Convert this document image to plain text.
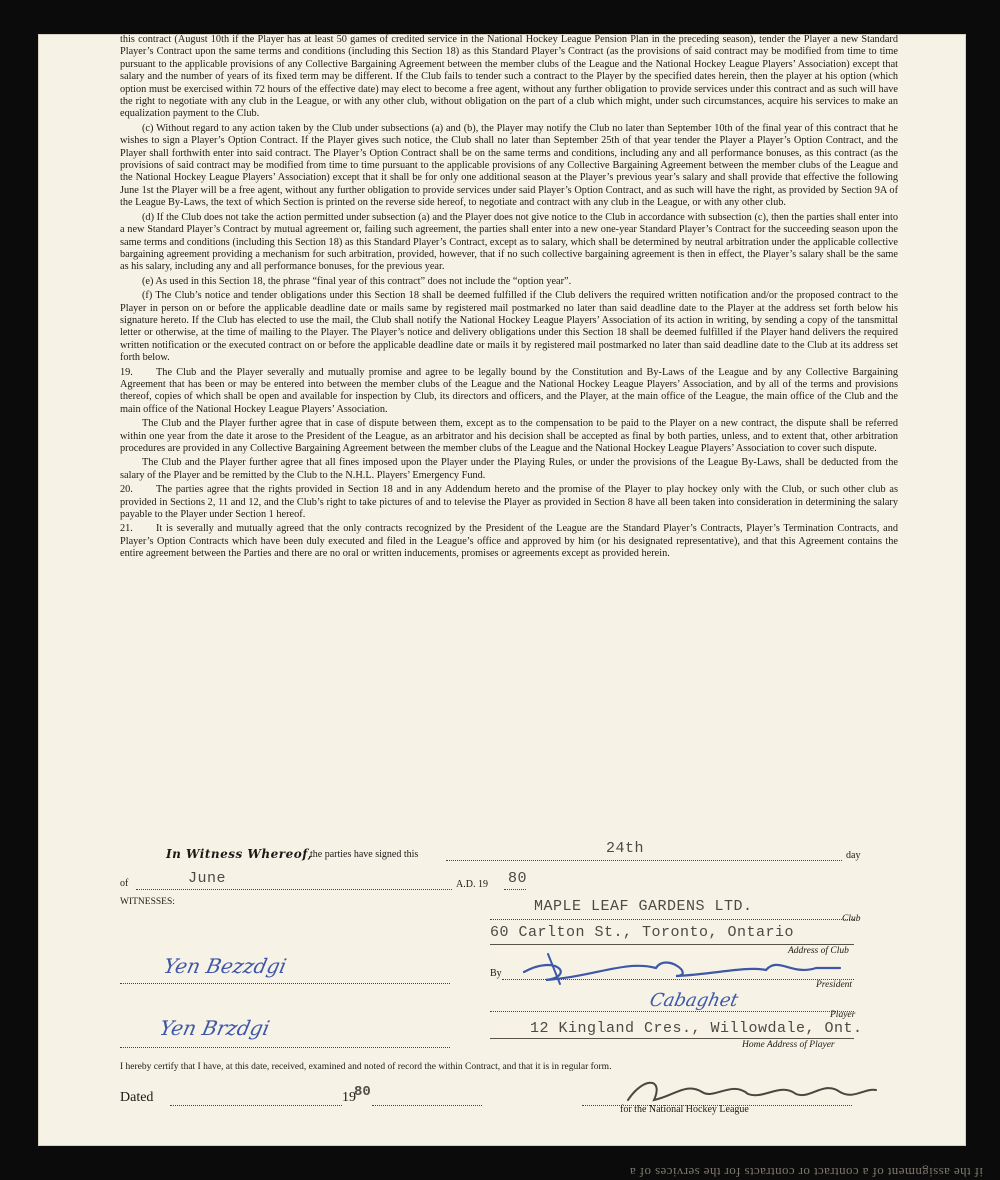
this contract (August 10th if the Player has at least 50 games of credited service in the National Hockey League Pension Plan in the preceding season), tender the Player a new Standard Player’s Contract upon the same terms and conditions (including this Section 18) as this Standard Player’s Contract (as the provisions of said contract may be modified from time to time pursuant to the applicable provisions of any Collective Bargaining Agreement between the member clubs of the League and the National Hockey League Players’ Association) except that salary and the number of years of its fixed term may be different. If the Club fails to tender such a contract to the Player by the specified dates herein, then the player at his option (which option must be exercised within 72 hours of the effective date) may elect to become a free agent, without any further obligation to provide services under this contract and as such will have the right to negotiate with any club in the League, or with any other club, without obligation on the part of a club which might, under such circumstances, acquire his services to make an equalization payment to the Club.

(c) Without regard to any action taken by the Club under subsections (a) and (b), the Player may notify the Club no later than September 10th of the final year of this contract that he wishes to sign a Player’s Option Contract. If the Player gives such notice, the Club shall no later than September 25th of that year tender the Player a Player’s Option Contract, and the Player shall forthwith enter into said contract. The Player’s Option Contract shall be on the same terms and conditions, including any and all performance bonuses, as this contract (as the provisions of said contract may be modified from time to time pursuant to the applicable provisions of any Collective Bargaining Agreement between the member clubs of the League and the National Hockey League Players’ Association) except that it shall be for only one additional season at the Player’s previous year’s salary and shall provide that effective the following June 1st the Player will be a free agent, without any further obligation to provide services under said Player’s Option Contract, and as such will have the right, as provided by Section 9A of the League By-Laws, the text of which Section is printed on the reverse side hereof, to negotiate and contract with any club in the League, or with any other club.

(d) If the Club does not take the action permitted under subsection (a) and the Player does not give notice to the Club in accordance with subsection (c), then the parties shall enter into a new Standard Player’s Contract by mutual agreement or, failing such agreement, the parties shall enter into a new one-year Standard Player’s Contract for the succeeding season upon the same terms and conditions (including this Section 18) as this Standard Player’s Contract, except as to salary, which shall be determined by neutral arbitration under the applicable collective bargaining agreement providing a mechanism for such arbitration, provided, however, that if no such collective bargaining agreement is then in effect, the Player’s salary shall be the same as his salary, including any and all performance bonuses, for the previous year.

(e) As used in this Section 18, the phrase “final year of this contract” does not include the “option year”.

(f) The Club’s notice and tender obligations under this Section 18 shall be deemed fulfilled if the Club delivers the required written notification and/or the proposed contract to the Player in person on or before the applicable deadline date or mails same by registered mail postmarked no later than said deadline date to the Player at the address set forth below his signature hereto. If the Club has elected to use the mail, the Club shall notify the National Hockey League Players’ Association of its action in writing, by sending a copy of the tansmittal letter or otherwise, at the time of mailing to the Player. The Player’s notice and delivery obligations under this Section 18 shall be deemed fulfilled if the Player hand delivers the required written notification or the executed contract on or before the applicable deadline date or mails it by registered mail postmarked no later than said deadline date to the Club at its address set forth below.

19. The Club and the Player severally and mutually promise and agree to be legally bound by the Constitution and By-Laws of the League and by any Collective Bargaining Agreement that has been or may be entered into between the member clubs of the League and the National Hockey League Players’ Association, and by all of the terms and provisions thereof, copies of which shall be open and available for inspection by Club, its directors and officers, and the Player, at the main office of the League, the main office of the Club and the main office of the National Hockey League Players’ Association.

The Club and the Player further agree that in case of dispute between them, except as to the compensation to be paid to the Player on a new contract, the dispute shall be referred within one year from the date it arose to the President of the League, as an arbitrator and his decision shall be accepted as final by both parties, unless, and to extent that, other arbitration procedures are provided in any Collective Bargaining Agreement between the member clubs of the League and the National Hockey League Players’ Association to cover such dispute.

The Club and the Player further agree that all fines imposed upon the Player under the Playing Rules, or under the provisions of the League By-Laws, shall be deducted from the salary of the Player and be remitted by the Club to the N.H.L. Players’ Emergency Fund.

20. The parties agree that the rights provided in Section 18 and in any Addendum hereto and the promise of the Player to play hockey only with the Club, or such other club as provided in Sections 2, 11 and 12, and the Club’s right to take pictures of and to televise the Player as provided in Section 8 have all been taken into consideration in determining the salary payable to the Player under Section 1 hereof.

21. It is severally and mutually agreed that the only contracts recognized by the President of the League are the Standard Player’s Contracts, Player’s Termination Contracts, and Player’s Option Contracts which have been duly executed and filed in the League’s office and approved by him (or his designated representative), and that this Agreement contains the entire agreement between the Parties and there are no oral or written inducements, promises or agreements except as provided herein.

In Witness Whereof,
the parties have signed this	24th	day
of	June	A.D. 19 80
WITNESSES:	MAPLE LEAF GARDENS LTD.
Club
60 Carlton St., Toronto, Ontario
Address of Club
Yen Bezzdgi	By
President
Cabaghet
Player
Yen Brzdgi	12 Kingland Cres., Willowdale, Ont.
Home Address of Player
I hereby certify that I have, at this date, received, examined and noted of record the within Contract, and that it is in regular form.
Dated	19
80
for the National Hockey League
if the assignment of a contract or contracts for the services of a
